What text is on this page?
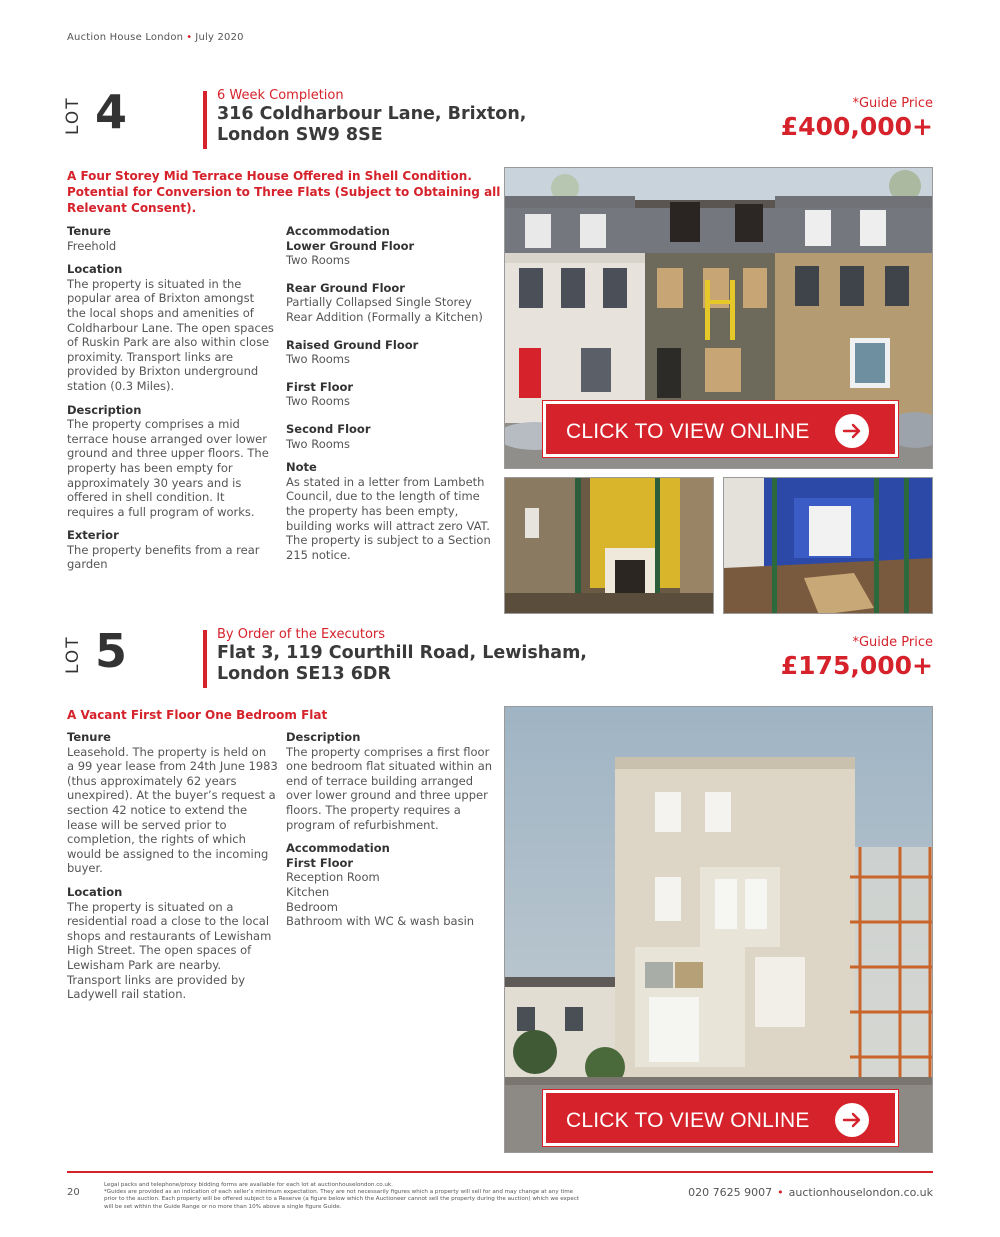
Auction House London • July 2020
LOT 4	6 Week Completion
316 Coldharbour Lane, Brixton,
London SW9 8SE
*Guide Price
£400,000+
A Four Storey Mid Terrace House Offered in Shell Condition.
Potential for Conversion to Three Flats (Subject to Obtaining all
Relevant Consent).
Tenure
Freehold
Location
The property is situated in the
popular area of Brixton amongst
the local shops and amenities of
Coldharbour Lane. The open spaces
of Ruskin Park are also within close
proximity. Transport links are
provided by Brixton underground
station (0.3 Miles).
Description
The property comprises a mid
terrace house arranged over lower
ground and three upper floors. The
property has been empty for
approximately 30 years and is
offered in shell condition. It
requires a full program of works.
Exterior
The property benefits from a rear
garden
Accommodation
Lower Ground Floor
Two Rooms
Rear Ground Floor
Partially Collapsed Single Storey
Rear Addition (Formally a Kitchen)
Raised Ground Floor
Two Rooms
First Floor
Two Rooms
Second Floor
Two Rooms
Note
As stated in a letter from Lambeth
Council, due to the length of time
the property has been empty,
building works will attract zero VAT.
The property is subject to a Section
215 notice.
CLICK TO VIEW ONLINE
LOT 5	By Order of the Executors
Flat 3, 119 Courthill Road, Lewisham,
London SE13 6DR
*Guide Price
£175,000+
A Vacant First Floor One Bedroom Flat
Tenure
Leasehold. The property is held on
a 99 year lease from 24th June 1983
(thus approximately 62 years
unexpired). At the buyer’s request a
section 42 notice to extend the
lease will be served prior to
completion, the rights of which
would be assigned to the incoming
buyer.
Location
The property is situated on a
residential road a close to the local
shops and restaurants of Lewisham
High Street. The open spaces of
Lewisham Park are nearby.
Transport links are provided by
Ladywell rail station.
Description
The property comprises a first floor
one bedroom flat situated within an
end of terrace building arranged
over lower ground and three upper
floors. The property requires a
program of refurbishment.
Accommodation
First Floor
Reception Room
Kitchen
Bedroom
Bathroom with WC & wash basin
CLICK TO VIEW ONLINE
20
Legal packs and telephone/proxy bidding forms are available for each lot at auctionhouselondon.co.uk.
*Guides are provided as an indication of each seller’s minimum expectation. They are not necessarily figures which a property will sell for and may change at any time
prior to the auction. Each property will be offered subject to a Reserve (a figure below which the Auctioneer cannot sell the property during the auction) which we expect
will be set within the Guide Range or no more than 10% above a single figure Guide.
020 7625 9007 • auctionhouselondon.co.uk
